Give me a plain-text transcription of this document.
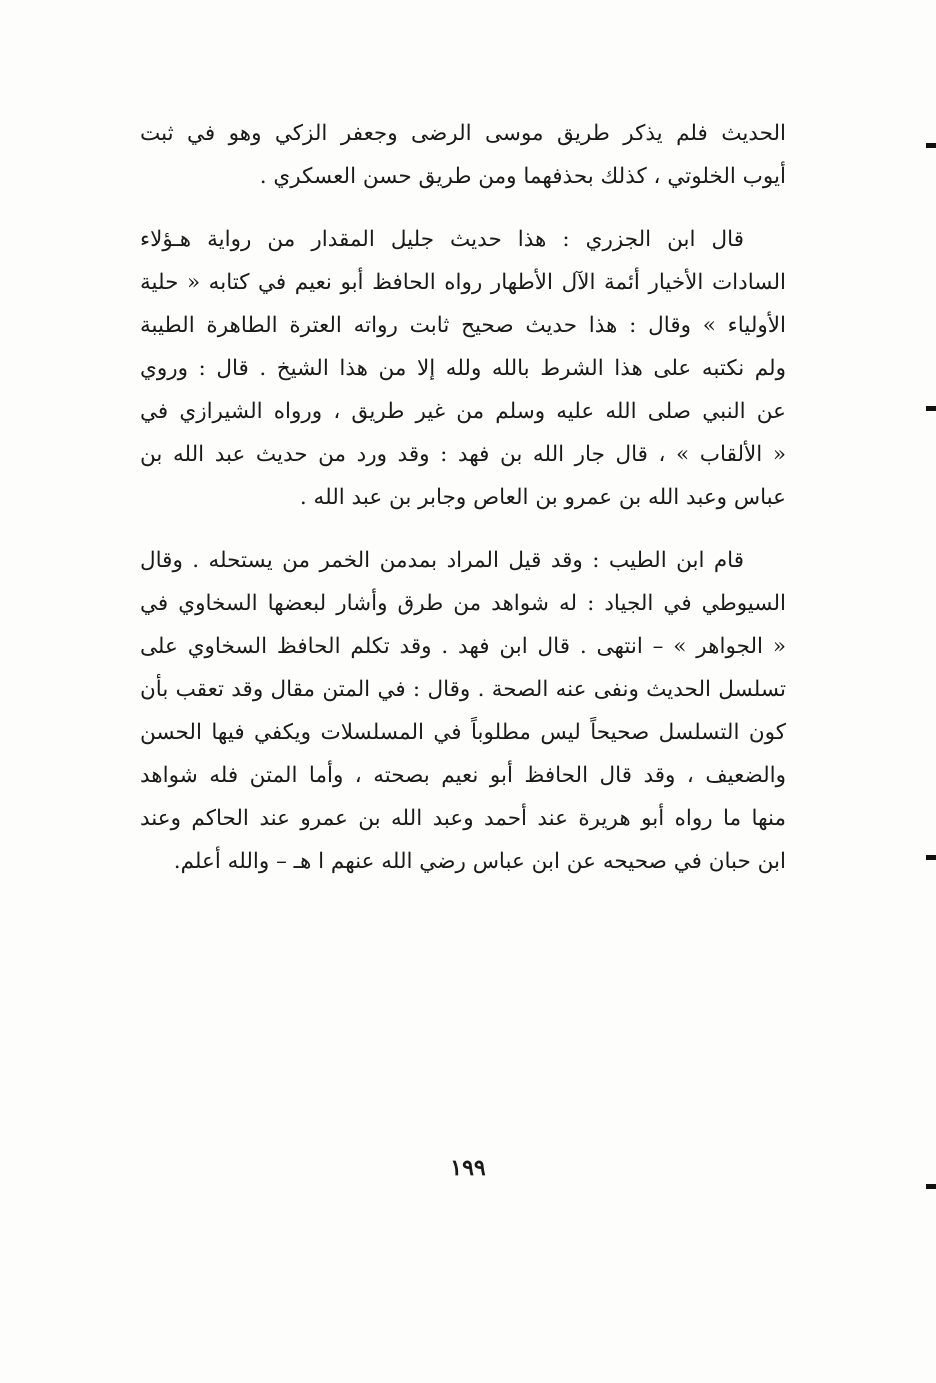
الحديث فلم يذكر طريق موسى الرضى وجعفر الزكي وهو في ثبت
أيوب الخلوتي ، كذلك بحذفهما ومن طريق حسن العسكري .
قال ابن الجزري : هذا حديث جليل المقدار من رواية هـؤلاء
السادات الأخيار أئمة الآل الأطهار رواه الحافظ أبو نعيم في كتابه « حلية
الأولياء » وقال : هذا حديث صحيح ثابت رواته العترة الطاهرة الطيبة
ولم نكتبه على هذا الشرط بالله ولله إلا من هذا الشيخ . قال : وروي
عن النبي صلى الله عليه وسلم من غير طريق ، ورواه الشيرازي في
« الألقاب » ، قال جار الله بن فهد : وقد ورد من حديث عبد الله بن
عباس وعبد الله بن عمرو بن العاص وجابر بن عبد الله .
قام ابن الطيب : وقد قيل المراد بمدمن الخمر من يستحله . وقال
السيوطي في الجياد : له شواهد من طرق وأشار لبعضها السخاوي في
« الجواهر » – انتهى . قال ابن فهد . وقد تكلم الحافظ السخاوي على
تسلسل الحديث ونفى عنه الصحة . وقال : في المتن مقال وقد تعقب بأن
كون التسلسل صحيحاً ليس مطلوباً في المسلسلات ويكفي فيها الحسن
والضعيف ، وقد قال الحافظ أبو نعيم بصحته ، وأما المتن فله شواهد
منها ما رواه أبو هريرة عند أحمد وعبد الله بن عمرو عند الحاكم وعند
ابن حبان في صحيحه عن ابن عباس رضي الله عنهم ا هـ – والله أعلم.
١٩٩
